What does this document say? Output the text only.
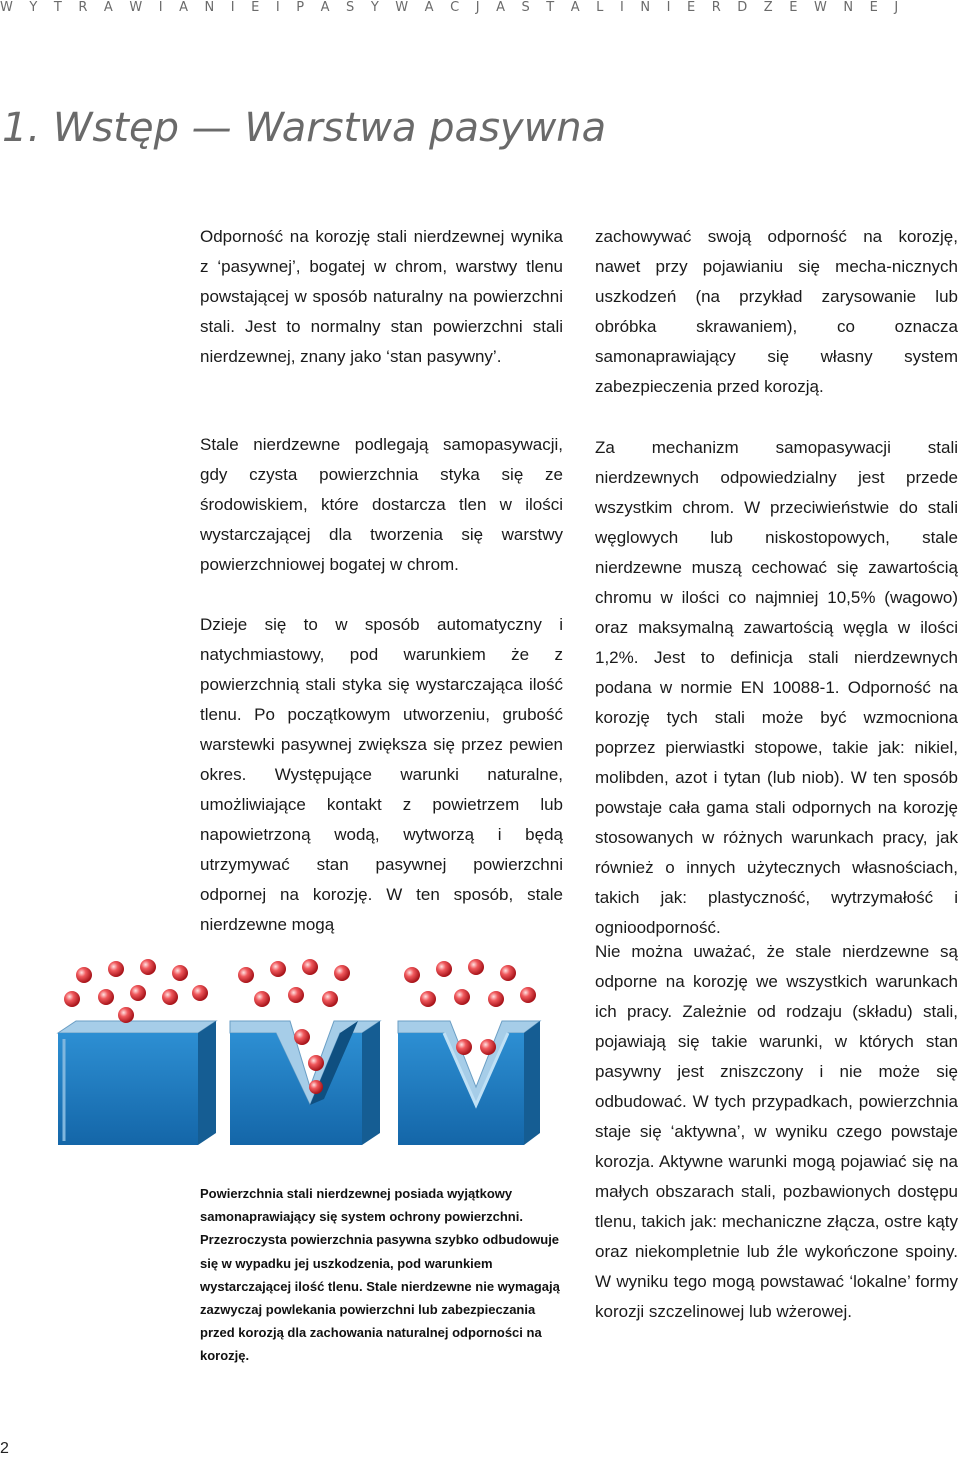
W Y T R A W I A N I E I P A S Y W A C J A S T A L I N I E R D Z E W N E J
1. Wstęp — Warstwa pasywna

Odporność na korozję stali nierdzewnej wynika z ‘pasywnej’, bogatej w chrom, warstwy tlenu powstającej w sposób naturalny na powierzchni stali. Jest to normalny stan powierzchni stali nierdzewnej, znany jako ‘stan pasywny’.

Stale nierdzewne podlegają samopasywacji, gdy czysta powierzchnia styka się ze środowiskiem, które dostarcza tlen w ilości wystarczającej dla tworzenia się warstwy powierzchniowej bogatej w chrom.

Dzieje się to w sposób automatyczny i natychmiastowy, pod warunkiem że z powierzchnią stali styka się wystarczająca ilość tlenu. Po początkowym utworzeniu, grubość warstewki pasywnej zwiększa się przez pewien okres. Występujące warunki naturalne, umożliwiające kontakt z powietrzem lub napowietrzoną wodą, wytworzą i będą utrzymywać stan pasywnej powierzchni odpornej na korozję. W ten sposób, stale nierdzewne mogą

zachowywać swoją odporność na korozję, nawet przy pojawianiu się mecha-nicznych uszkodzeń (na przykład zarysowanie lub obróbka skrawaniem), co oznacza samonaprawiający się własny system zabezpieczenia przed korozją.

Za mechanizm samopasywacji stali nierdzewnych odpowiedzialny jest przede wszystkim chrom. W przeciwieństwie do stali węglowych lub niskostopowych, stale nierdzewne muszą cechować się zawartością chromu w ilości co najmniej 10,5% (wagowo) oraz maksymalną zawartością węgla w ilości 1,2%. Jest to definicja stali nierdzewnych podana w normie EN 10088-1. Odporność na korozję tych stali może być wzmocniona poprzez pierwiastki stopowe, takie jak: nikiel, molibden, azot i tytan (lub niob). W ten sposób powstaje cała gama stali odpornych na korozję stosowanych w różnych warunkach pracy, jak również o innych użytecznych własnościach, takich jak: plastyczność, wytrzymałość i ognioodporność.

Nie można uważać, że stale nierdzewne są odporne na korozję we wszystkich warunkach ich pracy. Zależnie od rodzaju (składu) stali, pojawiają się takie warunki, w których stan pasywny jest zniszczony i nie może się odbudować. W tych przypadkach, powierzchnia staje się ‘aktywna’, w wyniku czego powstaje korozja. Aktywne warunki mogą pojawiać się na małych obszarach stali, pozbawionych dostępu tlenu, takich jak: mechaniczne złącza, ostre kąty oraz niekompletnie lub źle wykończone spoiny. W wyniku tego mogą powstawać ‘lokalne’ formy korozji szczelinowej lub wżerowej.

Powierzchnia stali nierdzewnej posiada wyjątkowy samonaprawiający się system ochrony powierzchni. Przezroczysta powierzchnia pasywna szybko odbudowuje się w wypadku jej uszkodzenia, pod warunkiem wystarczającej ilość tlenu. Stale nierdzewne nie wymagają zazwyczaj powlekania powierzchni lub zabezpieczania przed korozją dla zachowania naturalnej odporności na korozję.
2
